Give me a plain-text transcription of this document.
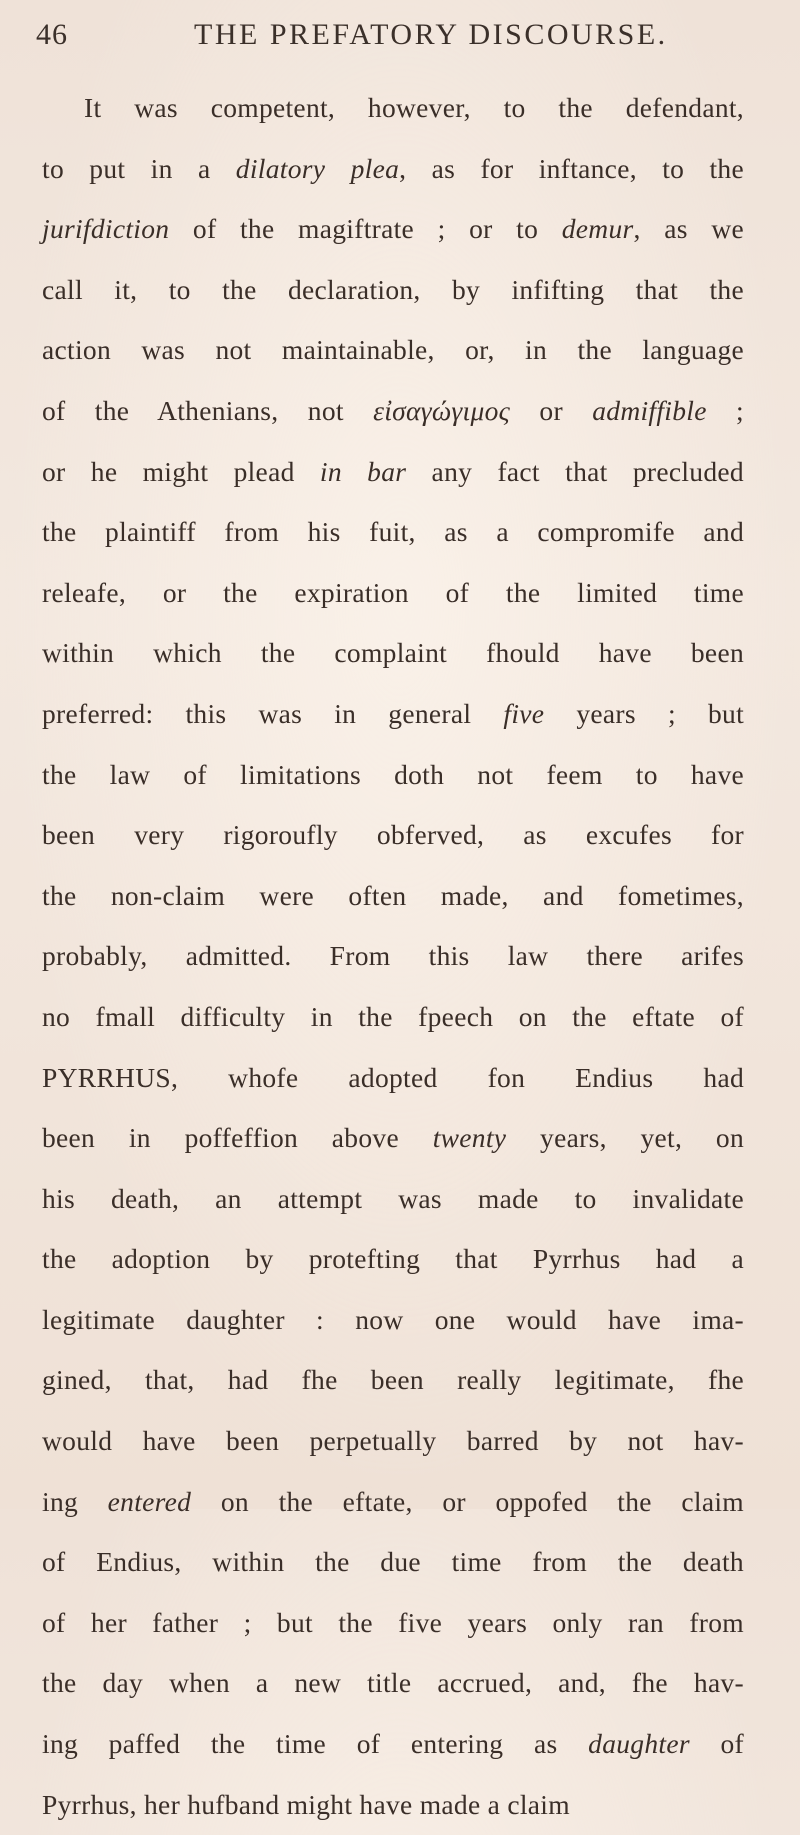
46	THE PREFATORY DISCOURSE.
It was competent, however, to the defendant,
to put in a dilatory plea, as for inftance, to the
jurifdiction of the magiftrate ; or to demur, as we
call it, to the declaration, by infifting that the
action was not maintainable, or, in the language
of the Athenians, not εἰσαγώγιμος or admiffible ;
or he might plead in bar any fact that precluded
the plaintiff from his fuit, as a compromife and
releafe, or the expiration of the limited time
within which the complaint fhould have been
preferred: this was in general five years ; but
the law of limitations doth not feem to have
been very rigoroufly obferved, as excufes for
the non-claim were often made, and fometimes,
probably, admitted. From this law there arifes
no fmall difficulty in the fpeech on the eftate of
PYRRHUS, whofe adopted fon Endius had
been in poffeffion above twenty years, yet, on
his death, an attempt was made to invalidate
the adoption by protefting that Pyrrhus had a
legitimate daughter : now one would have ima-
gined, that, had fhe been really legitimate, fhe
would have been perpetually barred by not hav-
ing entered on the eftate, or oppofed the claim
of Endius, within the due time from the death
of her father ; but the five years only ran from
the day when a new title accrued, and, fhe hav-
ing paffed the time of entering as daughter of
Pyrrhus, her hufband might have made a claim
